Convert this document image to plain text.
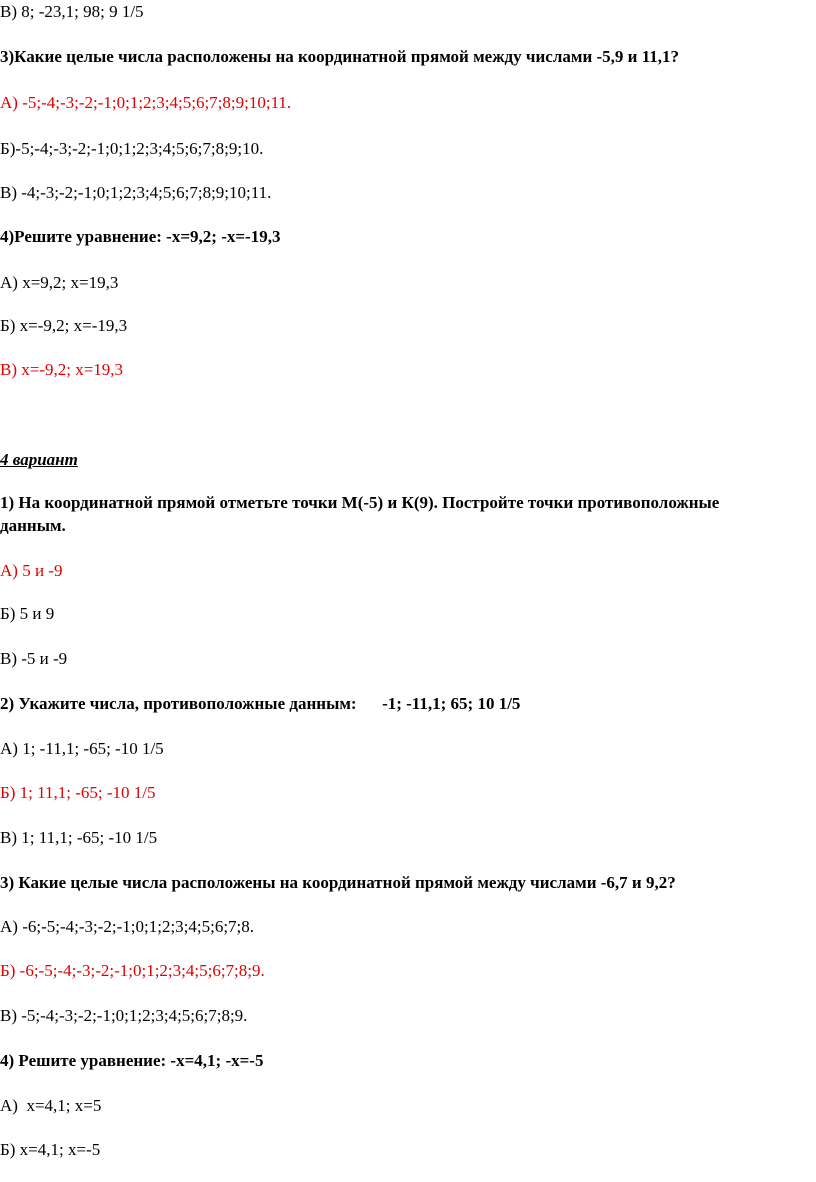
В) 8; -23,1; 98; 9 1/5
3)Какие целые числа расположены на координатной прямой между числами -5,9 и 11,1?
А) -5;-4;-3;-2;-1;0;1;2;3;4;5;6;7;8;9;10;11.
Б)-5;-4;-3;-2;-1;0;1;2;3;4;5;6;7;8;9;10.
В) -4;-3;-2;-1;0;1;2;3;4;5;6;7;8;9;10;11.
4)Решите уравнение: -x=9,2; -x=-19,3
А) х=9,2; х=19,3
Б) х=-9,2; х=-19,3
В) х=-9,2; х=19,3
4 вариант
1) На координатной прямой отметьте точки М(-5) и К(9). Постройте точки противоположные
данным.
А) 5 и -9
Б) 5 и 9
В) -5 и -9
2) Укажите числа, противоположные данным:      -1; -11,1; 65; 10 1/5
А) 1; -11,1; -65; -10 1/5
Б) 1; 11,1; -65; -10 1/5
В) 1; 11,1; -65; -10 1/5
3) Какие целые числа расположены на координатной прямой между числами -6,7 и 9,2?
А) -6;-5;-4;-3;-2;-1;0;1;2;3;4;5;6;7;8.
Б) -6;-5;-4;-3;-2;-1;0;1;2;3;4;5;6;7;8;9.
В) -5;-4;-3;-2;-1;0;1;2;3;4;5;6;7;8;9.
4) Решите уравнение: -x=4,1; -x=-5
А)  х=4,1; х=5
Б) х=4,1; х=-5
